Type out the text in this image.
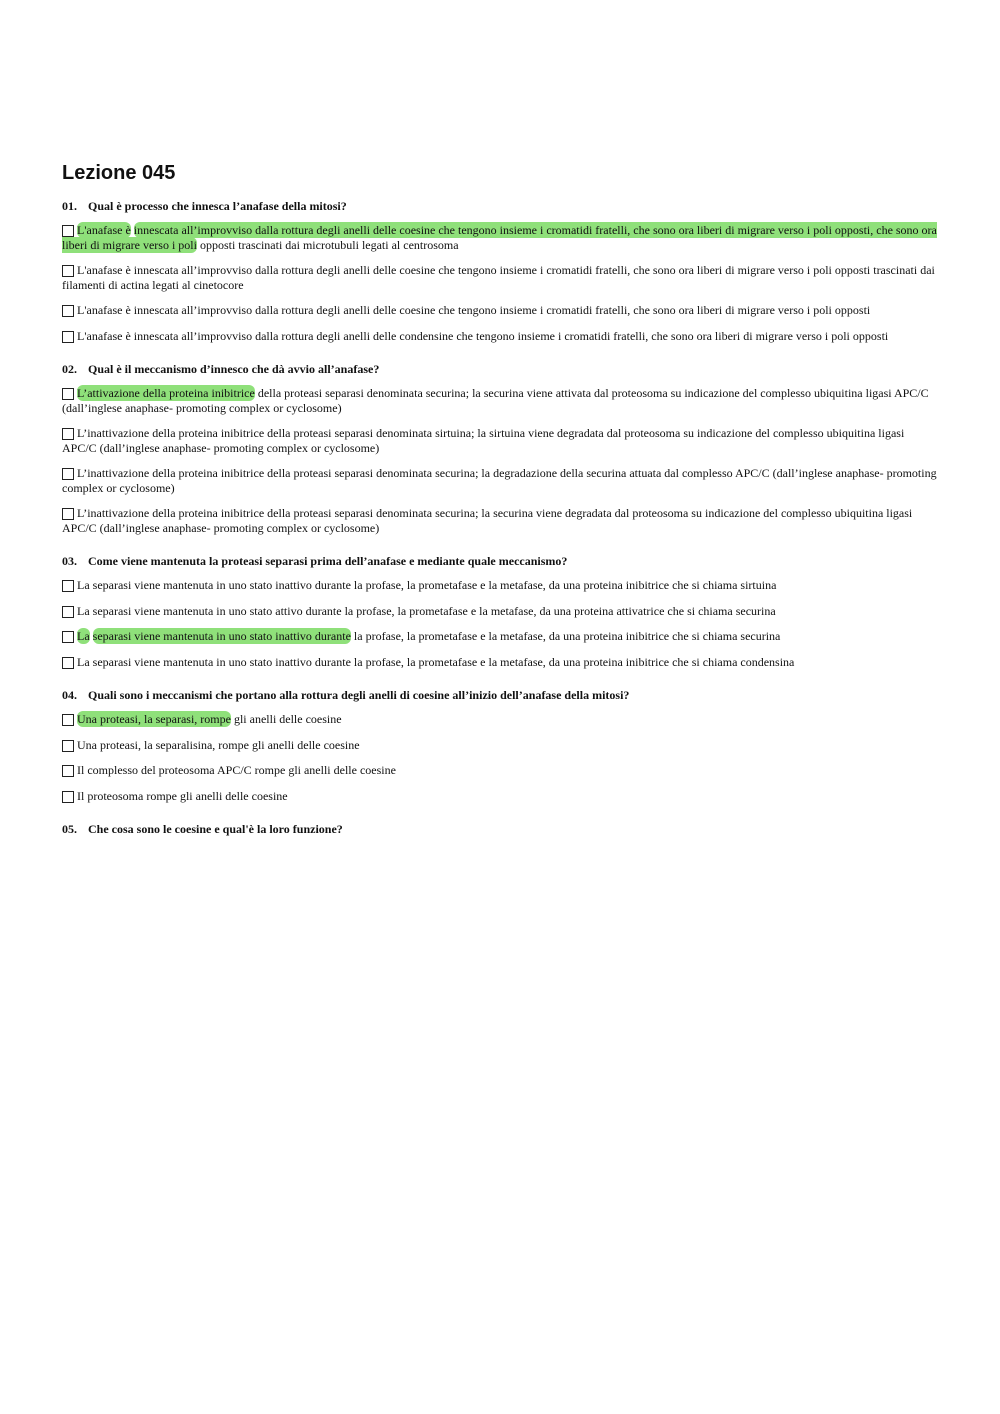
Lezione 045
01. Qual è processo che innesca l’anafase della mitosi?
L'anafase è innescata all’improvviso dalla rottura degli anelli delle coesine che tengono insieme i cromatidi fratelli, che sono ora liberi di migrare verso i poli opposti, che sono ora liberi di migrare verso i poli opposti trascinati dai microtubuli legati al centrosoma
L'anafase è innescata all’improvviso dalla rottura degli anelli delle coesine che tengono insieme i cromatidi fratelli, che sono ora liberi di migrare verso i poli opposti trascinati dai filamenti di actina legati al cinetocore
L'anafase è innescata all’improvviso dalla rottura degli anelli delle coesine che tengono insieme i cromatidi fratelli, che sono ora liberi di migrare verso i poli opposti
L'anafase è innescata all’improvviso dalla rottura degli anelli delle condensine che tengono insieme i cromatidi fratelli, che sono ora liberi di migrare verso i poli opposti
02. Qual è il meccanismo d’innesco che dà avvio all’anafase?
L’attivazione della proteina inibitrice della proteasi separasi denominata securina; la securina viene attivata dal proteosoma su indicazione del complesso ubiquitina ligasi APC/C (dall’inglese anaphase- promoting complex or cyclosome)
L’inattivazione della proteina inibitrice della proteasi separasi denominata sirtuina; la sirtuina viene degradata dal proteosoma su indicazione del complesso ubiquitina ligasi APC/C (dall’inglese anaphase- promoting complex or cyclosome)
L’inattivazione della proteina inibitrice della proteasi separasi denominata securina; la degradazione della securina attuata dal complesso APC/C (dall’inglese anaphase- promoting complex or cyclosome)
L’inattivazione della proteina inibitrice della proteasi separasi denominata securina; la securina viene degradata dal proteosoma su indicazione del complesso ubiquitina ligasi APC/C (dall’inglese anaphase- promoting complex or cyclosome)
03. Come viene mantenuta la proteasi separasi prima dell’anafase e mediante quale meccanismo?
La separasi viene mantenuta in uno stato inattivo durante la profase, la prometafase e la metafase, da una proteina inibitrice che si chiama sirtuina
La separasi viene mantenuta in uno stato attivo durante la profase, la prometafase e la metafase, da una proteina attivatrice che si chiama securina
La separasi viene mantenuta in uno stato inattivo durante la profase, la prometafase e la metafase, da una proteina inibitrice che si chiama securina
La separasi viene mantenuta in uno stato inattivo durante la profase, la prometafase e la metafase, da una proteina inibitrice che si chiama condensina
04. Quali sono i meccanismi che portano alla rottura degli anelli di coesine all’inizio dell’anafase della mitosi?
Una proteasi, la separasi, rompe gli anelli delle coesine
Una proteasi, la separalisina, rompe gli anelli delle coesine
Il complesso del proteosoma APC/C rompe gli anelli delle coesine
Il proteosoma rompe gli anelli delle coesine
05. Che cosa sono le coesine e qual'è la loro funzione?
